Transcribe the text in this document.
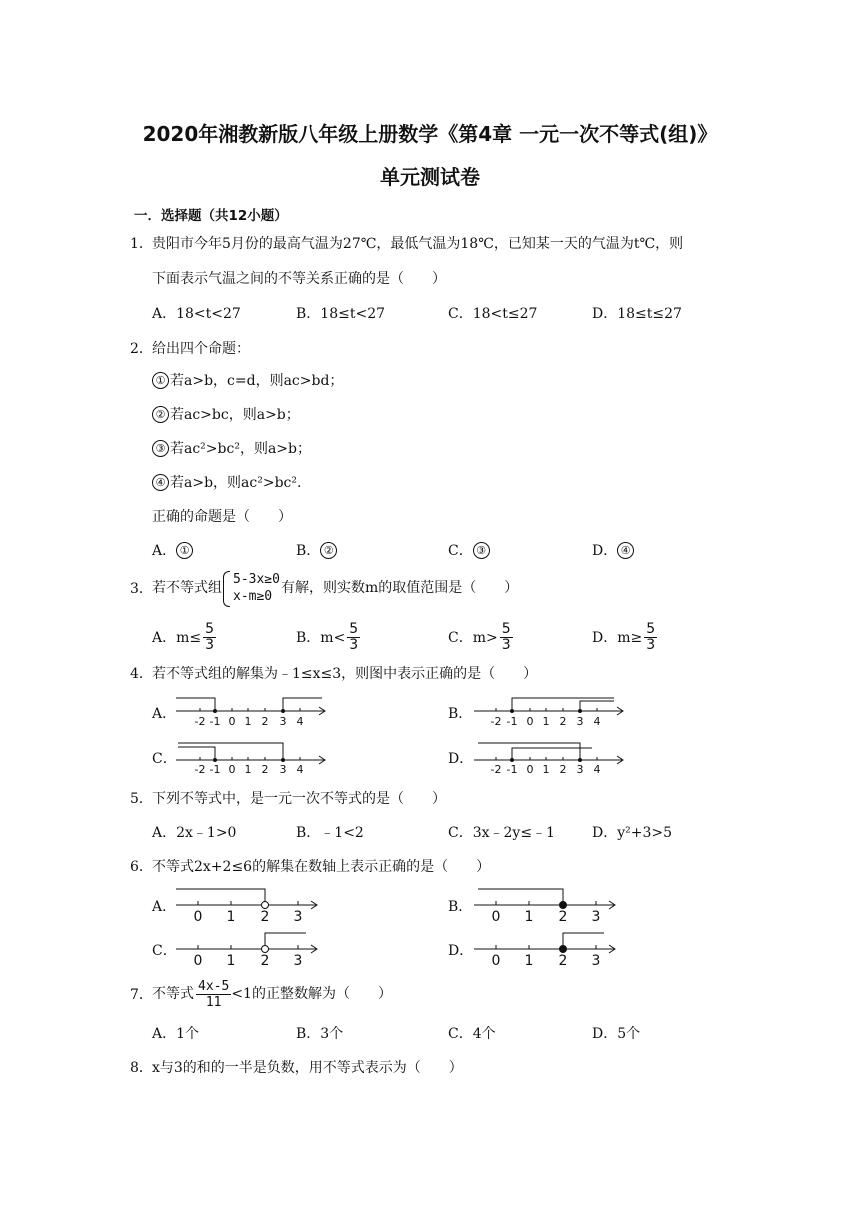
2020年湘教新版八年级上册数学《第4章 一元一次不等式(组)》
单元测试卷
一．选择题（共12小题）
1． 贵阳市今年5月份的最高气温为27℃，最低气温为18℃，已知某一天的气温为t℃，则
下面表示气温之间的不等关系正确的是（　　）
A．18<t<27	B．18≤t<27	C．18<t≤27	D．18≤t≤27
2． 给出四个命题：
① 若a>b，c=d，则ac>bd；
② 若ac>bc，则a>b；
③ 若ac²>bc²，则a>b；
④ 若a>b，则ac²>bc².
正确的命题是（　　）
A． ①	B． ②	C． ③	D． ④
3． 若不等式组
5-3x≥0
x-m≥0
有解，则实数m的取值范围是（　　）
A．$m\le \frac{5}{3}$	B．$m< \frac{5}{3}$	C．$m> \frac{5}{3}$	D．$m\ge \frac{5}{3}$
4． 若不等式组的解集为﹣1≤x≤3，则图中表示正确的是（　　）
A． -2 -1 0 1 2 3 4	B． -2 -1 0 1 2 3 4
C．
-2 -1 0 1 2 3 4
D．
-2 -1 0 1 2 3 4
5． 下列不等式中，是一元一次不等式的是（　　）
A．2x﹣1>0	B．﹣1<2	C．3x﹣2y≤﹣1	D．y²+3>5
6． 不等式2x+2≤6的解集在数轴上表示正确的是（　　）
A．
0 1 2 3
B．
0 1 2 3
C．
0 1 2 3
D．
0 1 2 3
7． 不等式 $\frac{4x-5}{11} <1$的正整数解为（　　）
A．1个	B．3个	C．4个	D．5个
8． x与3的和的一半是负数，用不等式表示为（　　）
